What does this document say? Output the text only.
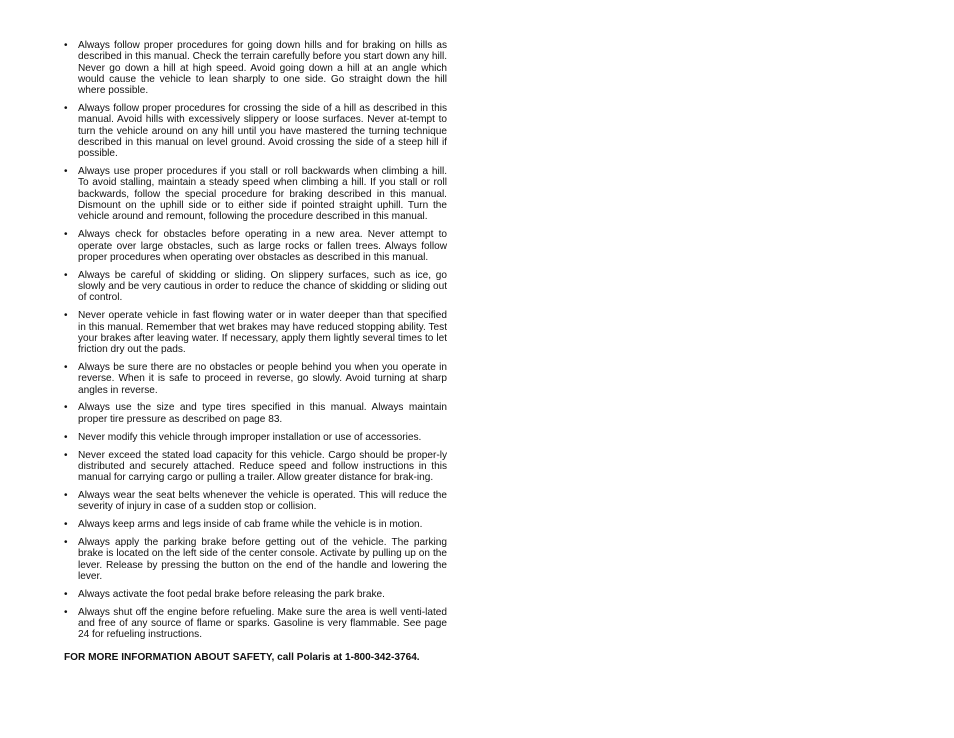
•	Always follow proper procedures for going down hills and for braking on hills as described in this manual. Check the terrain carefully before you start down any hill. Never go down a hill at high speed. Avoid going down a hill at an angle which would cause the vehicle to lean sharply to one side. Go straight down the hill where possible.
•	Always follow proper procedures for crossing the side of a hill as described in this manual. Avoid hills with excessively slippery or loose surfaces. Never at-tempt to turn the vehicle around on any hill until you have mastered the turning technique described in this manual on level ground. Avoid crossing the side of a steep hill if possible.
•	Always use proper procedures if you stall or roll backwards when climbing a hill. To avoid stalling, maintain a steady speed when climbing a hill. If you stall or roll backwards, follow the special procedure for braking described in this manual. Dismount on the uphill side or to either side if pointed straight uphill. Turn the vehicle around and remount, following the procedure described in this manual.
•	Always check for obstacles before operating in a new area. Never attempt to operate over large obstacles, such as large rocks or fallen trees. Always follow proper procedures when operating over obstacles as described in this manual.
•	Always be careful of skidding or sliding. On slippery surfaces, such as ice, go slowly and be very cautious in order to reduce the chance of skidding or sliding out of control.
•	Never operate vehicle in fast flowing water or in water deeper than that specified in this manual. Remember that wet brakes may have reduced stopping ability. Test your brakes after leaving water. If necessary, apply them lightly several times to let friction dry out the pads.
•	Always be sure there are no obstacles or people behind you when you operate in reverse. When it is safe to proceed in reverse, go slowly. Avoid turning at sharp angles in reverse.
•	Always use the size and type tires specified in this manual. Always maintain proper tire pressure as described on page 83.
•	Never modify this vehicle through improper installation or use of accessories.
•	Never exceed the stated load capacity for this vehicle. Cargo should be proper-ly distributed and securely attached. Reduce speed and follow instructions in this manual for carrying cargo or pulling a trailer. Allow greater distance for brak-ing.
•	Always wear the seat belts whenever the vehicle is operated. This will reduce the severity of injury in case of a sudden stop or collision.
•	Always keep arms and legs inside of cab frame while the vehicle is in motion.
•	Always apply the parking brake before getting out of the vehicle. The parking brake is located on the left side of the center console. Activate by pulling up on the lever. Release by pressing the button on the end of the handle and lowering the lever.
•	Always activate the foot pedal brake before releasing the park brake.
•	Always shut off the engine before refueling. Make sure the area is well venti-lated and free of any source of flame or sparks. Gasoline is very flammable. See page 24 for refueling instructions.
FOR MORE INFORMATION ABOUT SAFETY, call Polaris at 1-800-342-3764.
